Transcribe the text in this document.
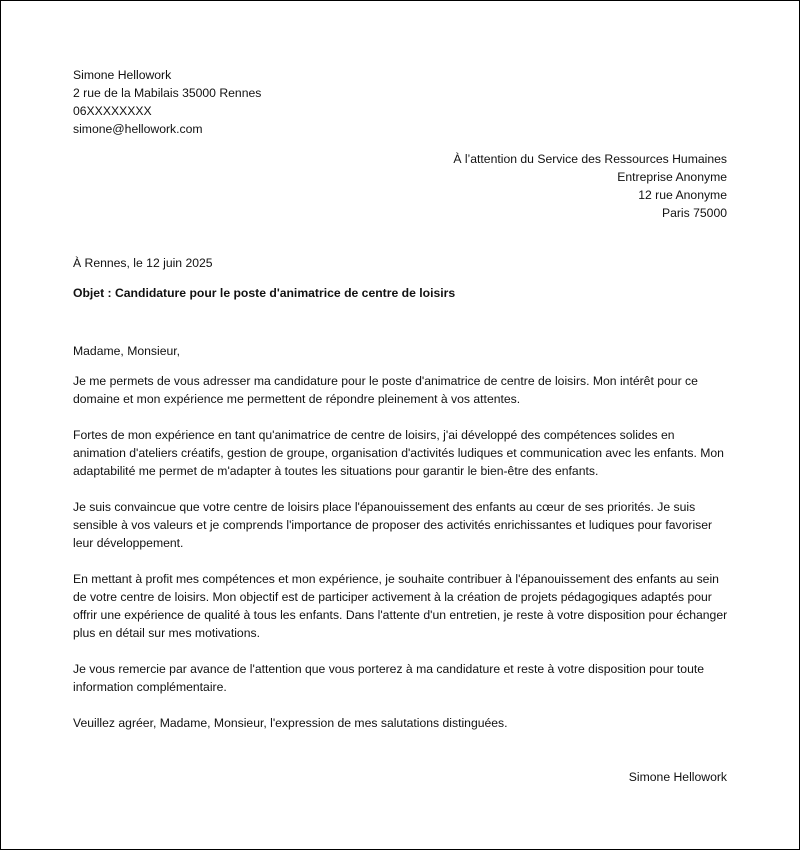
Simone Hellowork
2 rue de la Mabilais 35000 Rennes
06XXXXXXXX
simone@hellowork.com
À l’attention du Service des Ressources Humaines
Entreprise Anonyme
12 rue Anonyme
Paris 75000
À Rennes, le 12 juin 2025
Objet : Candidature pour le poste d'animatrice de centre de loisirs
Madame, Monsieur,

Je me permets de vous adresser ma candidature pour le poste d'animatrice de centre de loisirs. Mon intérêt pour ce domaine et mon expérience me permettent de répondre pleinement à vos attentes.

Fortes de mon expérience en tant qu'animatrice de centre de loisirs, j'ai développé des compétences solides en animation d'ateliers créatifs, gestion de groupe, organisation d'activités ludiques et communication avec les enfants. Mon adaptabilité me permet de m'adapter à toutes les situations pour garantir le bien-être des enfants.

Je suis convaincue que votre centre de loisirs place l'épanouissement des enfants au cœur de ses priorités. Je suis sensible à vos valeurs et je comprends l'importance de proposer des activités enrichissantes et ludiques pour favoriser leur développement.

En mettant à profit mes compétences et mon expérience, je souhaite contribuer à l'épanouissement des enfants au sein de votre centre de loisirs. Mon objectif est de participer activement à la création de projets pédagogiques adaptés pour offrir une expérience de qualité à tous les enfants. Dans l'attente d'un entretien, je reste à votre disposition pour échanger plus en détail sur mes motivations.

Je vous remercie par avance de l'attention que vous porterez à ma candidature et reste à votre disposition pour toute information complémentaire.

Veuillez agréer, Madame, Monsieur, l'expression de mes salutations distinguées.

Simone Hellowork
